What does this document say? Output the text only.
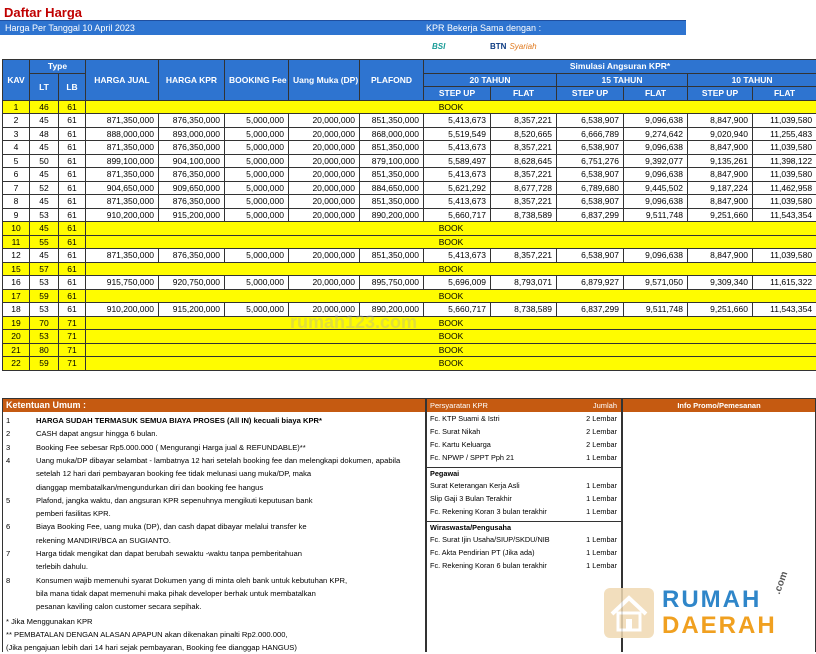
Daftar Harga
Harga Per Tanggal 10 April 2023	KPR Bekerja Sama dengan :
BSI	BTN Syariah
KAV	Type		HARGA JUAL	HARGA KPR	BOOKING Fee	Uang Muka (DP)	PLAFOND	Simulasi Angsuran KPR*					
	LT	LB						20 TAHUN		15 TAHUN		10 TAHUN	
								STEP UP	FLAT	STEP UP	FLAT	STEP UP	FLAT
1	46	61	BOOK										
2	45	61	871,350,000	876,350,000	5,000,000	20,000,000	851,350,000	5,413,673	8,357,221	6,538,907	9,096,638	8,847,900	11,039,580
3	48	61	888,000,000	893,000,000	5,000,000	20,000,000	868,000,000	5,519,549	8,520,665	6,666,789	9,274,642	9,020,940	11,255,483
4	45	61	871,350,000	876,350,000	5,000,000	20,000,000	851,350,000	5,413,673	8,357,221	6,538,907	9,096,638	8,847,900	11,039,580
5	50	61	899,100,000	904,100,000	5,000,000	20,000,000	879,100,000	5,589,497	8,628,645	6,751,276	9,392,077	9,135,261	11,398,122
6	45	61	871,350,000	876,350,000	5,000,000	20,000,000	851,350,000	5,413,673	8,357,221	6,538,907	9,096,638	8,847,900	11,039,580
7	52	61	904,650,000	909,650,000	5,000,000	20,000,000	884,650,000	5,621,292	8,677,728	6,789,680	9,445,502	9,187,224	11,462,958
8	45	61	871,350,000	876,350,000	5,000,000	20,000,000	851,350,000	5,413,673	8,357,221	6,538,907	9,096,638	8,847,900	11,039,580
9	53	61	910,200,000	915,200,000	5,000,000	20,000,000	890,200,000	5,660,717	8,738,589	6,837,299	9,511,748	9,251,660	11,543,354
10	45	61	BOOK										
11	55	61	BOOK										
12	45	61	871,350,000	876,350,000	5,000,000	20,000,000	851,350,000	5,413,673	8,357,221	6,538,907	9,096,638	8,847,900	11,039,580
15	57	61	BOOK										
16	53	61	915,750,000	920,750,000	5,000,000	20,000,000	895,750,000	5,696,009	8,793,071	6,879,927	9,571,050	9,309,340	11,615,322
17	59	61	BOOK										
18	53	61	910,200,000	915,200,000	5,000,000	20,000,000	890,200,000	5,660,717	8,738,589	6,837,299	9,511,748	9,251,660	11,543,354
19	70	71	BOOK										
20	53	71	BOOK										
21	80	71	BOOK										
22	59	71	BOOK										
rumah123.com
Ketentuan Umum :
1	HARGA SUDAH TERMASUK SEMUA BIAYA PROSES (All IN) kecuali biaya KPR*
2	CASH dapat angsur hingga 6 bulan.
3	Booking Fee sebesar Rp5.000.000 ( Mengurangi Harga jual & REFUNDABLE)**
4	Uang muka/DP dibayar selambat - lambatnya 12 hari setelah booking fee dan melengkapi dokumen, apabila
setelah 12 hari dari pembayaran booking fee tidak melunasi uang muka/DP, maka
dianggap membatalkan/mengundurkan diri dan booking fee hangus
5	Plafond, jangka waktu, dan angsuran KPR sepenuhnya mengikuti keputusan bank
pemberi fasilitas KPR.
6	Biaya Booking Fee, uang muka (DP), dan cash dapat dibayar melalui transfer ke
rekening MANDIRI/BCA an SUGIANTO.
7	Harga tidak mengikat dan dapat berubah sewaktu -waktu tanpa pemberitahuan
terlebih dahulu.
8	Konsumen wajib memenuhi syarat Dokumen yang di minta oleh bank untuk kebutuhan KPR,
bila mana tidak dapat memenuhi maka pihak developer berhak untuk membatalkan
pesanan kaviling calon customer secara sepihak.
* Jika Menggunakan KPR
** PEMBATALAN DENGAN ALASAN APAPUN akan dikenakan pinalti Rp2.000.000,
(Jika pengajuan lebih dari 14 hari sejak pembayaran, Booking fee dianggap HANGUS)
Persyaratan KPR	Jumlah
Fc. KTP Suami & Istri	2 Lembar
Fc. Surat Nikah	2 Lembar
Fc. Kartu Keluarga	2 Lembar
Fc. NPWP / SPPT Pph 21	1 Lembar
Pegawai
Surat Keterangan Kerja Asli	1 Lembar
Slip Gaji 3 Bulan Terakhir	1 Lembar
Fc. Rekening Koran 3 bulan terakhir	1 Lembar
Wiraswasta/Pengusaha
Fc. Surat Ijin Usaha/SIUP/SKDU/NIB	1 Lembar
Fc. Akta Pendirian PT (Jika ada)	1 Lembar
Fc. Rekening Koran 6 bulan terakhir	1 Lembar
Info Promo/Pemesanan
RUMAH
DAERAH
.com
